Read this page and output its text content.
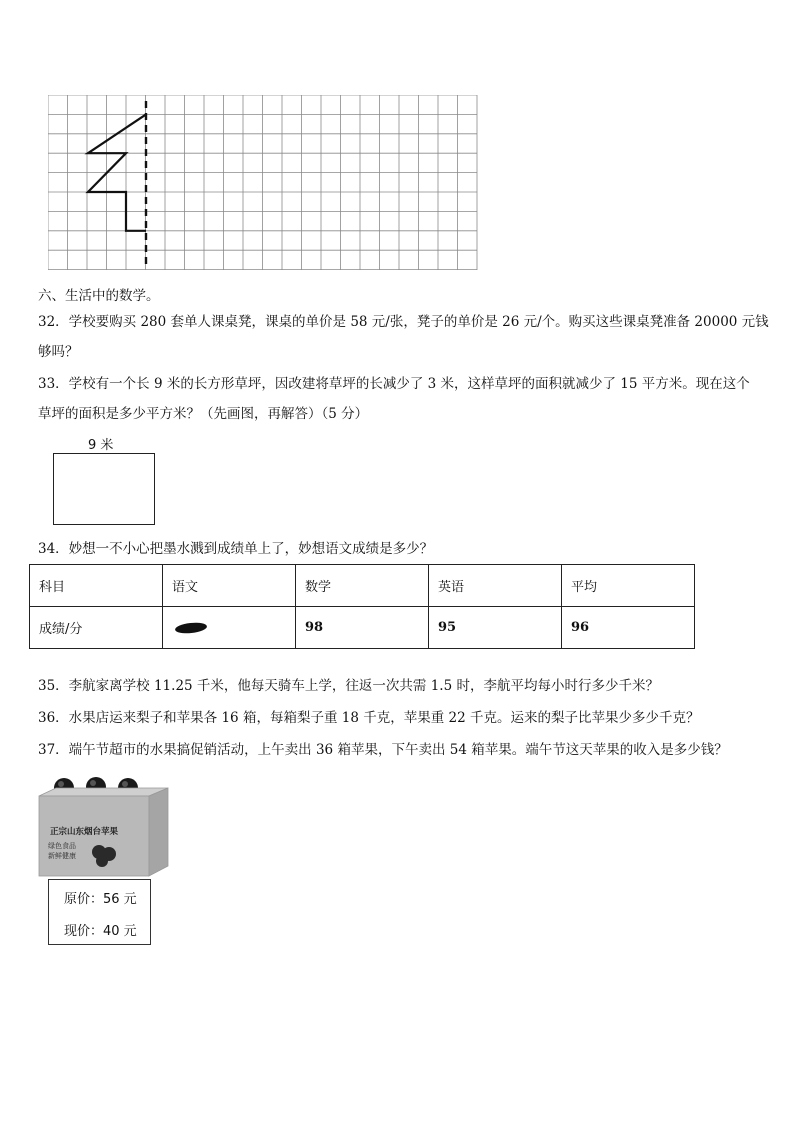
六、生活中的数学。
32．学校要购买 280 套单人课桌凳，课桌的单价是 58 元/张，凳子的单价是 26 元/个。购买这些课桌凳准备 20000 元钱
够吗？
33．学校有一个长 9 米的长方形草坪，因改建将草坪的长减少了 3 米，这样草坪的面积就减少了 15 平方米。现在这个
草坪的面积是多少平方米？（先画图，再解答）（5 分）
9 米
34．妙想一不小心把墨水溅到成绩单上了，妙想语文成绩是多少？
科目	语文	数学	英语	平均
成绩/分		98	95	96
35．李航家离学校 11.25 千米，他每天骑车上学，往返一次共需 1.5 时，李航平均每小时行多少千米？
36．水果店运来梨子和苹果各 16 箱，每箱梨子重 18 千克，苹果重 22 千克。运来的梨子比苹果少多少千克？
37．端午节超市的水果搞促销活动，上午卖出 36 箱苹果，下午卖出 54 箱苹果。端午节这天苹果的收入是多少钱？
正宗山东烟台苹果
绿色食品
新鲜健康
原价：56 元
现价：40 元
